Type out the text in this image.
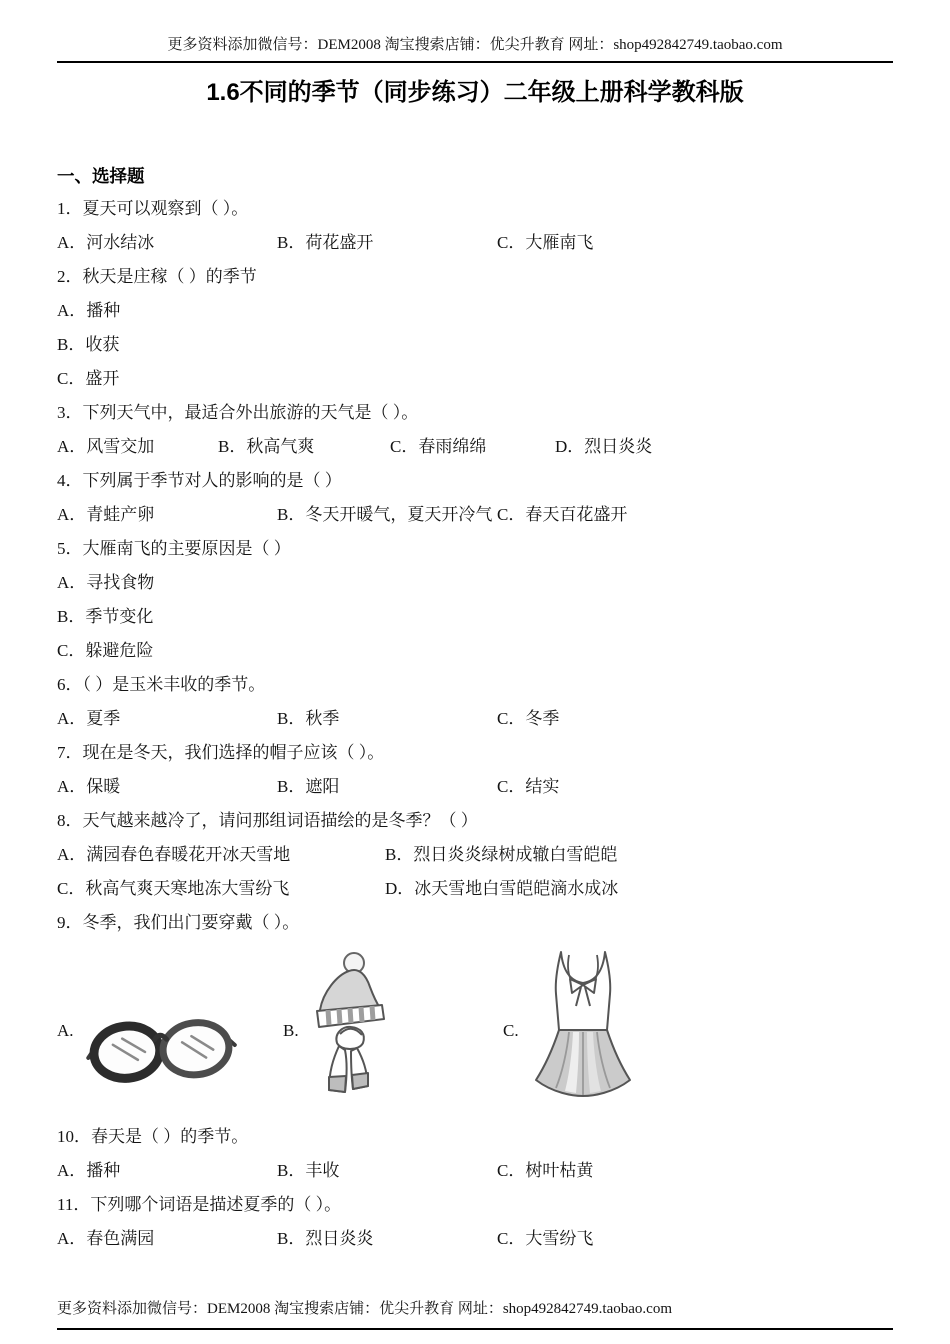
更多资料添加微信号：DEM2008 淘宝搜索店铺：优尖升教育 网址：shop492842749.taobao.com
1.6不同的季节（同步练习）二年级上册科学教科版
一、选择题

1．夏天可以观察到（ ）。

A．河水结冰	B．荷花盛开	C．大雁南飞

2．秋天是庄稼（ ）的季节

A．播种

B．收获

C．盛开

3．下列天气中，最适合外出旅游的天气是（ ）。

A．风雪交加	B．秋高气爽	C．春雨绵绵	D．烈日炎炎

4．下列属于季节对人的影响的是（ ）

A．青蛙产卵	B．冬天开暖气，夏天开冷气 C．春天百花盛开

5．大雁南飞的主要原因是（ ）

A．寻找食物

B．季节变化

C．躲避危险

6．（ ）是玉米丰收的季节。

A．夏季	B．秋季	C．冬季

7．现在是冬天，我们选择的帽子应该（ ）。

A．保暖	B．遮阳	C．结实

8．天气越来越冷了，请问那组词语描绘的是冬季？（ ）

A．满园春色春暖花开冰天雪地	B．烈日炎炎绿树成辙白雪皑皑
C．秋高气爽天寒地冻大雪纷飞	D．冰天雪地白雪皑皑滴水成冰

9．冬季，我们出门要穿戴（ ）。

A.	B.	C.

10．春天是（ ）的季节。

A．播种	B．丰收	C．树叶枯黄

11．下列哪个词语是描述夏季的（ ）。

A．春色满园	B．烈日炎炎	C．大雪纷飞
更多资料添加微信号：DEM2008 淘宝搜索店铺：优尖升教育 网址：shop492842749.taobao.com
